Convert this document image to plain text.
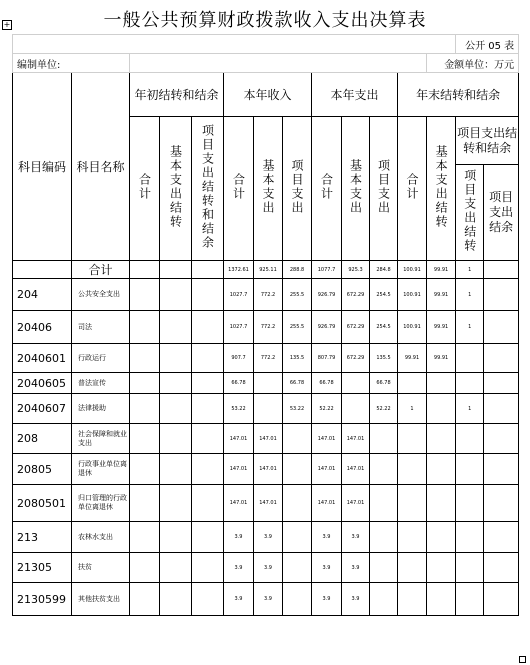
+	一般公共预算财政拨款收入支出决算表
													公开 05 表	
编制单位:												金额单位：万元		
科目编码	科目名称	年初结转和结余			本年收入			本年支出			年末结转和结余			
		合计	基本支出结转	项目支出结转和结余	合计	基本支出	项目支出	合计	基本支出	项目支出	合计	基本支出结转	项目支出结转和结余	
													项目支出结转	项目支出结余
	合计				1372.61	925.11	288.8	1077.7	925.3	284.8	100.91	99.91	1	
204	公共安全支出				1027.7	772.2	255.5	926.79	672.29	254.5	100.91	99.91	1	
20406	司法				1027.7	772.2	255.5	926.79	672.29	254.5	100.91	99.91	1	
2040601	行政运行				907.7	772.2	135.5	807.79	672.29	135.5	99.91	99.91		
2040605	普法宣传				66.78		66.78	66.78		66.78				
2040607	法律援助				53.22		53.22	52.22		52.22	1		1	
208	社会保障和就业支出				147.01	147.01		147.01	147.01					
20805	行政事业单位离退休				147.01	147.01		147.01	147.01					
2080501	归口管理的行政单位离退休				147.01	147.01		147.01	147.01					
213	农林水支出				3.9	3.9		3.9	3.9					
21305	扶贫				3.9	3.9		3.9	3.9					
2130599	其他扶贫支出				3.9	3.9		3.9	3.9					
